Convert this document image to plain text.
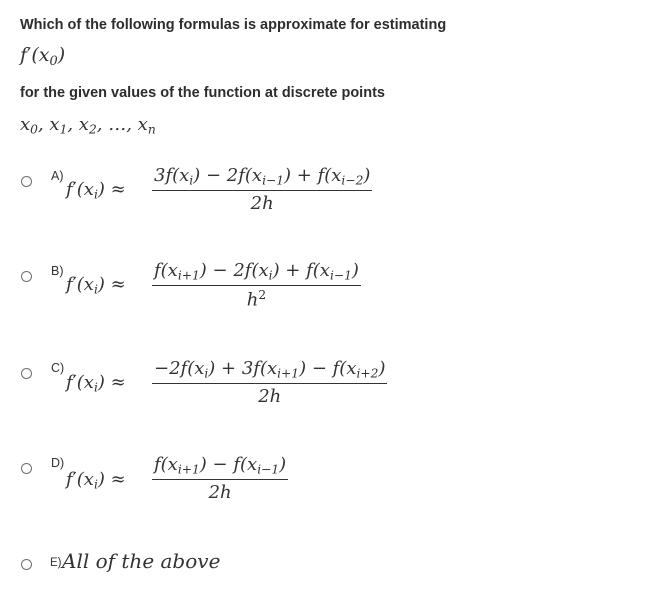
Which of the following formulas is approximate for estimating
$f'(x_0)$
for the given values of the function at discrete points
$x_0$, $x_1$, $x_2$, …, $x_n$
A)
$f'(x_i)$ ≈
$3f(x_i) - 2f(x_{i-1}) + f(x_{i-2})$
2h
B)
$f'(x_i)$ ≈
$f(x_{i+1}) - 2f(x_i) + f(x_{i-1})$
$h^2$
C)
$f'(x_i)$ ≈
$-2f(x_i) + 3f(x_{i+1}) - f(x_{i+2})$
2h
D)
$f'(x_i)$ ≈
$f(x_{i+1}) - f(x_{i-1})$
2h
E) All of the above
